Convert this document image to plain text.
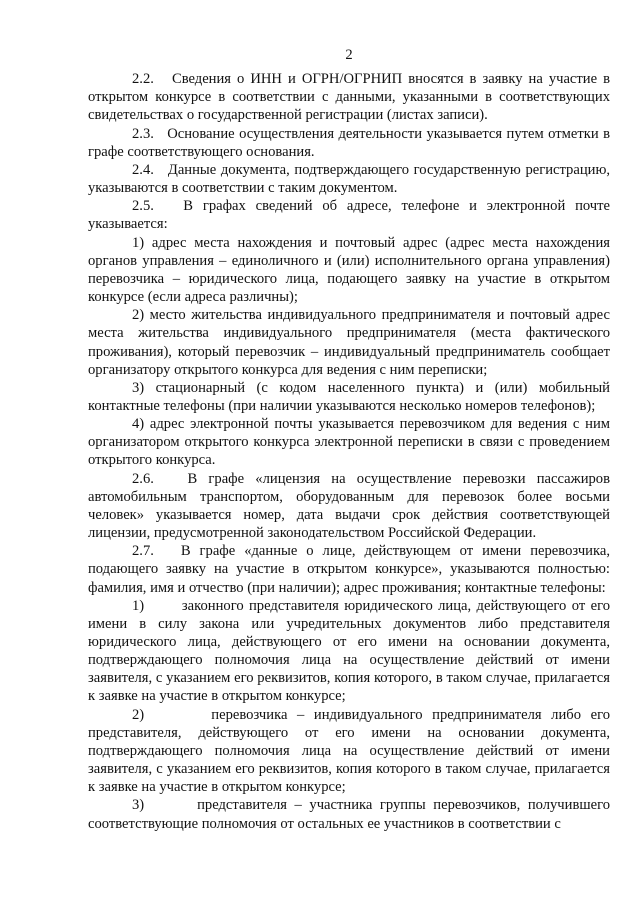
2

2.2.   Сведения о ИНН и ОГРН/ОГРНИП вносятся в заявку на участие в открытом конкурсе в соответствии с данными, указанными в соответствующих свидетельствах о государственной регистрации (листах записи).

2.3.   Основание осуществления деятельности указывается путем отметки в графе соответствующего основания.

2.4.   Данные документа, подтверждающего государственную регистрацию, указываются в соответствии с таким документом.

2.5.   В графах сведений об адресе, телефоне и электронной почте указывается:

1) адрес места нахождения и почтовый адрес (адрес места нахождения органов управления – единоличного и (или) исполнительного органа управления) перевозчика – юридического лица, подающего заявку на участие в открытом конкурсе (если адреса различны);

2) место жительства индивидуального предпринимателя и почтовый адрес места жительства индивидуального предпринимателя (места фактического проживания), который перевозчик – индивидуальный предприниматель сообщает организатору открытого конкурса для ведения с ним переписки;

3) стационарный (с кодом населенного пункта) и (или) мобильный контактные телефоны (при наличии указываются несколько номеров телефонов);

4) адрес электронной почты указывается перевозчиком для ведения с ним организатором открытого конкурса электронной переписки в связи с проведением открытого конкурса.

2.6.   В графе «лицензия на осуществление перевозки пассажиров автомобильным транспортом, оборудованным для перевозок более восьми человек» указывается номер, дата выдачи срок действия соответствующей лицензии, предусмотренной законодательством Российской Федерации.

2.7.   В графе «данные о лице, действующем от имени перевозчика, подающего заявку на участие в открытом конкурсе», указываются полностью: фамилия, имя и отчество (при наличии); адрес проживания; контактные телефоны:

1)       законного представителя юридического лица, действующего от его имени в силу закона или учредительных документов либо представителя юридического лица, действующего от его имени на основании документа, подтверждающего полномочия лица на осуществление действий от имени заявителя, с указанием его реквизитов, копия которого, в таком случае, прилагается к заявке на участие в открытом конкурсе;

2)       перевозчика – индивидуального предпринимателя либо его представителя, действующего от его имени на основании документа, подтверждающего полномочия лица на осуществление действий от имени заявителя, с указанием его реквизитов, копия которого в таком случае, прилагается к заявке на участие в открытом конкурсе;

3)       представителя – участника группы перевозчиков, получившего соответствующие полномочия от остальных ее участников в соответствии с
